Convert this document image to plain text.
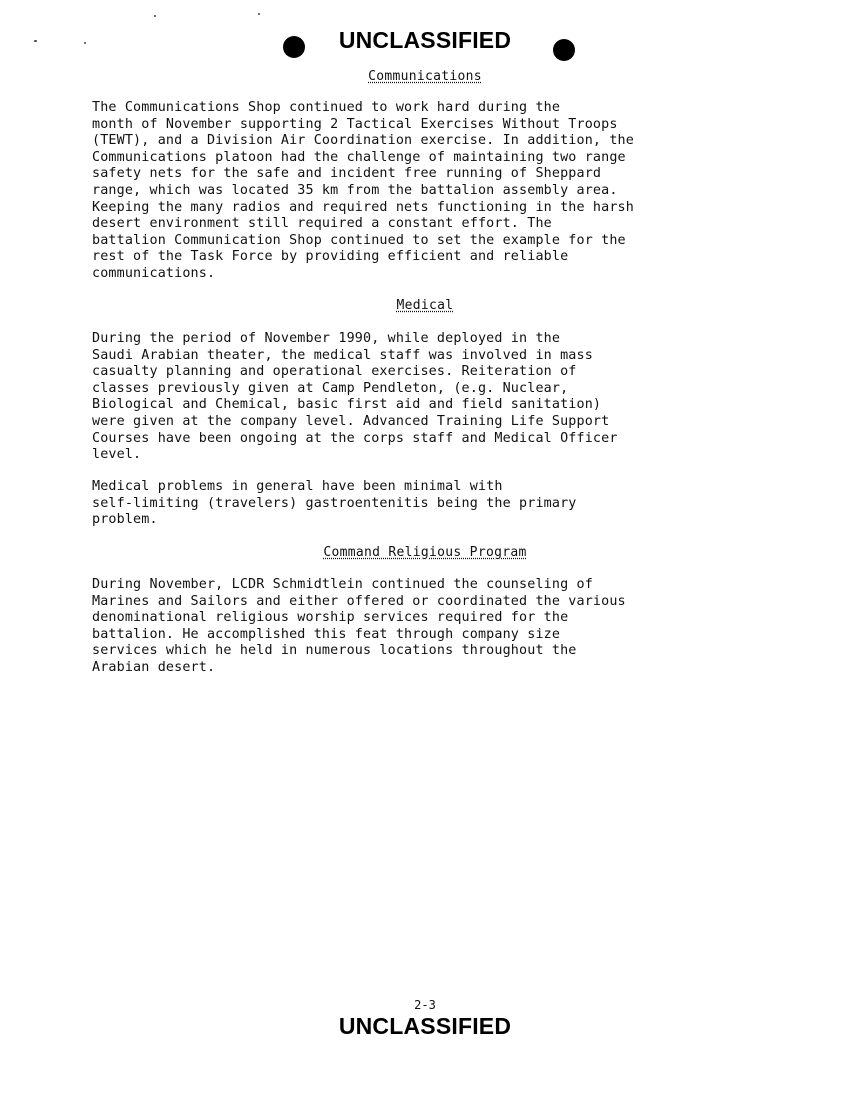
UNCLASSIFIED
Communications

The Communications Shop continued to work hard during the
month of November supporting 2 Tactical Exercises Without Troops
(TEWT), and a Division Air Coordination exercise. In addition, the
Communications platoon had the challenge of maintaining two range
safety nets for the safe and incident free running of Sheppard
range, which was located 35 km from the battalion assembly area.
Keeping the many radios and required nets functioning in the harsh
desert environment still required a constant effort. The
battalion Communication Shop continued to set the example for the
rest of the Task Force by providing efficient and reliable
communications.

Medical

During the period of November 1990, while deployed in the
Saudi Arabian theater, the medical staff was involved in mass
casualty planning and operational exercises. Reiteration of
classes previously given at Camp Pendleton, (e.g. Nuclear,
Biological and Chemical, basic first aid and field sanitation)
were given at the company level. Advanced Training Life Support
Courses have been ongoing at the corps staff and Medical Officer
level.

Medical problems in general have been minimal with
self-limiting (travelers) gastroentenitis being the primary
problem.

Command Religious Program

During November, LCDR Schmidtlein continued the counseling of
Marines and Sailors and either offered or coordinated the various
denominational religious worship services required for the
battalion. He accomplished this feat through company size
services which he held in numerous locations throughout the
Arabian desert.

2-3
UNCLASSIFIED
